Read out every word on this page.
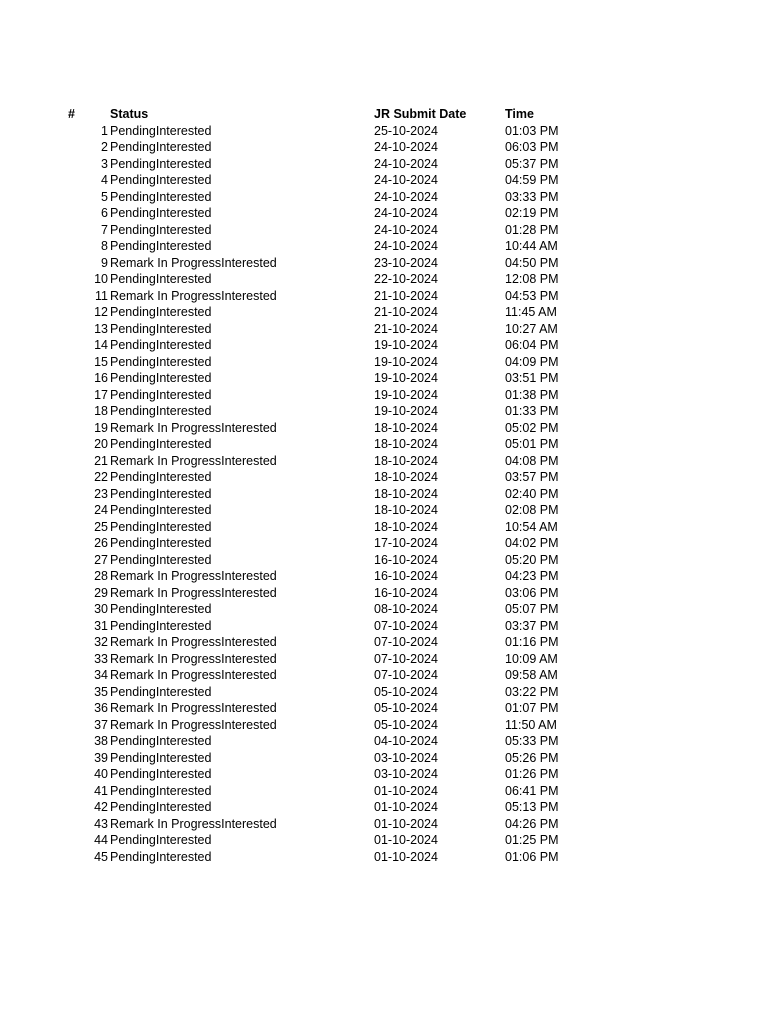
#	Status	JR Submit Date	Time
1 PendingInterested	25-10-2024	01:03 PM
2 PendingInterested	24-10-2024	06:03 PM
3 PendingInterested	24-10-2024	05:37 PM
4 PendingInterested	24-10-2024	04:59 PM
5 PendingInterested	24-10-2024	03:33 PM
6 PendingInterested	24-10-2024	02:19 PM
7 PendingInterested	24-10-2024	01:28 PM
8 PendingInterested	24-10-2024	10:44 AM
9 Remark In ProgressInterested	23-10-2024	04:50 PM
10 PendingInterested	22-10-2024	12:08 PM
11 Remark In ProgressInterested	21-10-2024	04:53 PM
12 PendingInterested	21-10-2024	11:45 AM
13 PendingInterested	21-10-2024	10:27 AM
14 PendingInterested	19-10-2024	06:04 PM
15 PendingInterested	19-10-2024	04:09 PM
16 PendingInterested	19-10-2024	03:51 PM
17 PendingInterested	19-10-2024	01:38 PM
18 PendingInterested	19-10-2024	01:33 PM
19 Remark In ProgressInterested	18-10-2024	05:02 PM
20 PendingInterested	18-10-2024	05:01 PM
21 Remark In ProgressInterested	18-10-2024	04:08 PM
22 PendingInterested	18-10-2024	03:57 PM
23 PendingInterested	18-10-2024	02:40 PM
24 PendingInterested	18-10-2024	02:08 PM
25 PendingInterested	18-10-2024	10:54 AM
26 PendingInterested	17-10-2024	04:02 PM
27 PendingInterested	16-10-2024	05:20 PM
28 Remark In ProgressInterested	16-10-2024	04:23 PM
29 Remark In ProgressInterested	16-10-2024	03:06 PM
30 PendingInterested	08-10-2024	05:07 PM
31 PendingInterested	07-10-2024	03:37 PM
32 Remark In ProgressInterested	07-10-2024	01:16 PM
33 Remark In ProgressInterested	07-10-2024	10:09 AM
34 Remark In ProgressInterested	07-10-2024	09:58 AM
35 PendingInterested	05-10-2024	03:22 PM
36 Remark In ProgressInterested	05-10-2024	01:07 PM
37 Remark In ProgressInterested	05-10-2024	11:50 AM
38 PendingInterested	04-10-2024	05:33 PM
39 PendingInterested	03-10-2024	05:26 PM
40 PendingInterested	03-10-2024	01:26 PM
41 PendingInterested	01-10-2024	06:41 PM
42 PendingInterested	01-10-2024	05:13 PM
43 Remark In ProgressInterested	01-10-2024	04:26 PM
44 PendingInterested	01-10-2024	01:25 PM
45 PendingInterested	01-10-2024	01:06 PM
